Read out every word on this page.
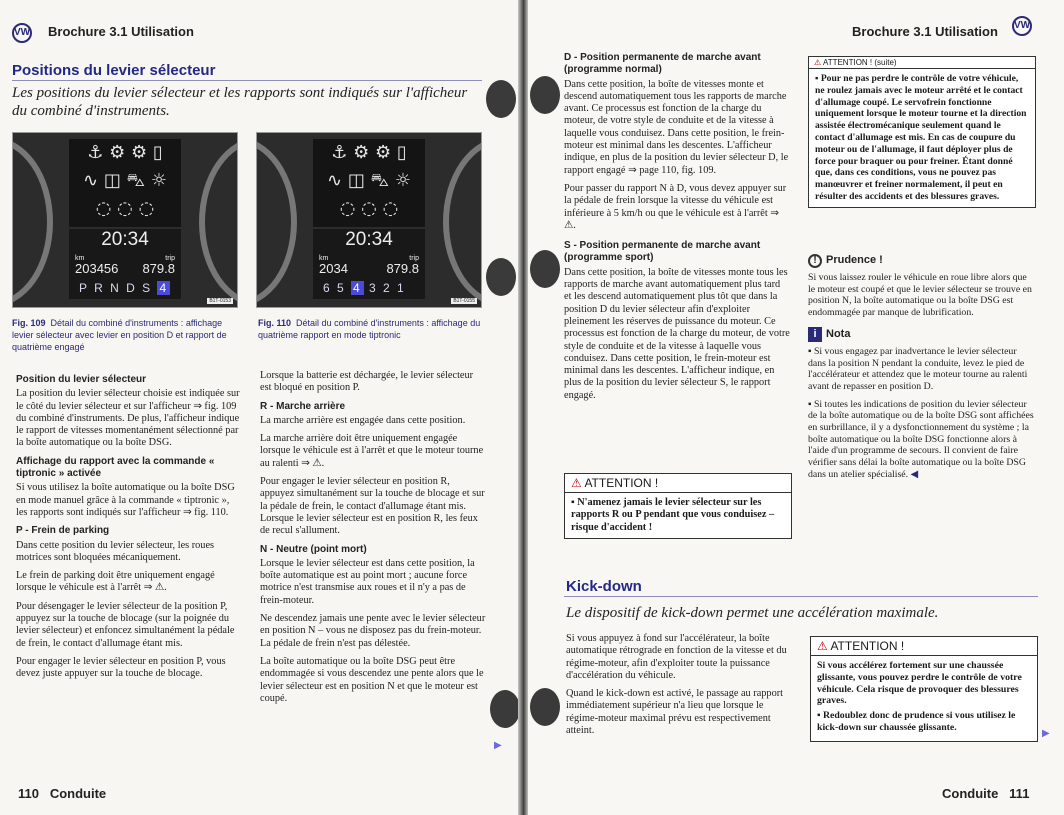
VW Brochure 3.1 Utilisation
Positions du levier sélecteur
Les positions du levier sélecteur et les rapports sont indiqués sur l'afficheur du combiné d'instruments.
⚓ ⚙ ⚙ ▯
∿ ◫ ⛍ ☼
◌ ◌ ◌
20:34
km	trip
203456 879.8
P R N D S 4
B1T-0153
Fig. 109 Détail du combiné d'instruments : affichage levier sélecteur avec levier en position D et rapport de quatrième engagé
⚓ ⚙ ⚙ ▯
∿ ◫ ⛍ ☼
◌ ◌ ◌
20:34
km	trip
2034	879.8
6 5 4 3 2 1
B1T-0155
Fig. 110 Détail du combiné d'instruments : affichage du quatrième rapport en mode tiptronic
Position du levier sélecteur

La position du levier sélecteur choisie est indiquée sur le côté du levier sélecteur et sur l'afficheur ⇒ fig. 109 du combiné d'instruments. De plus, l'afficheur indique le rapport de vitesses momentanément sélectionné par la boîte automatique ou la boîte DSG.

Affichage du rapport avec la commande « tiptronic » activée

Si vous utilisez la boîte automatique ou la boîte DSG en mode manuel grâce à la commande « tiptronic », les rapports sont indiqués sur l'afficheur ⇒ fig. 110.

P - Frein de parking

Dans cette position du levier sélecteur, les roues motrices sont bloquées mécaniquement.

Le frein de parking doit être uniquement engagé lorsque le véhicule est à l'arrêt ⇒ ⚠.

Pour désengager le levier sélecteur de la position P, appuyez sur la touche de blocage (sur la poignée du levier sélecteur) et enfoncez simultanément la pédale de frein, le contact d'allumage étant mis.

Pour engager le levier sélecteur en position P, vous devez juste appuyer sur la touche de blocage.

Lorsque la batterie est déchargée, le levier sélecteur est bloqué en position P.

R - Marche arrière

La marche arrière est engagée dans cette position.

La marche arrière doit être uniquement engagée lorsque le véhicule est à l'arrêt et que le moteur tourne au ralenti ⇒ ⚠.

Pour engager le levier sélecteur en position R, appuyez simultanément sur la touche de blocage et sur la pédale de frein, le contact d'allumage étant mis. Lorsque le levier sélecteur est en position R, les feux de recul s'allument.

N - Neutre (point mort)

Lorsque le levier sélecteur est dans cette position, la boîte automatique est au point mort ; aucune force motrice n'est transmise aux roues et il n'y a pas de frein-moteur.

Ne descendez jamais une pente avec le levier sélecteur en position N – vous ne disposez pas du frein-moteur. La pédale de frein n'est pas délestée.

La boîte automatique ou la boîte DSG peut être endommagée si vous descendez une pente alors que le levier sélecteur est en position N et que le moteur est coupé.

▶
110 Conduite
Brochure 3.1 Utilisation VW
D - Position permanente de marche avant (programme normal)

Dans cette position, la boîte de vitesses monte et descend automatiquement tous les rapports de marche avant. Ce processus est fonction de la charge du moteur, de votre style de conduite et de la vitesse à laquelle vous conduisez. Dans cette position, le frein-moteur est minimal dans les descentes. L'afficheur indique, en plus de la position du levier sélecteur D, le rapport engagé ⇒ page 110, fig. 109.

Pour passer du rapport N à D, vous devez appuyer sur la pédale de frein lorsque la vitesse du véhicule est inférieure à 5 km/h ou que le véhicule est à l'arrêt ⇒ ⚠.

S - Position permanente de marche avant (programme sport)

Dans cette position, la boîte de vitesses monte tous les rapports de marche avant automatiquement plus tard et les descend automatiquement plus tôt que dans la position D du levier sélecteur afin d'exploiter pleinement les réserves de puissance du moteur. Ce processus est fonction de la charge du moteur, de votre style de conduite et de la vitesse à laquelle vous conduisez. Dans cette position, le frein-moteur est minimal dans les descentes. L'afficheur indique, en plus de la position du levier sélecteur S, le rapport engagé.

⚠ ATTENTION !
▪ N'amenez jamais le levier sélecteur sur les rapports R ou P pendant que vous conduisez – risque d'accident !
⚠ ATTENTION ! (suite)
▪ Pour ne pas perdre le contrôle de votre véhicule, ne roulez jamais avec le moteur arrêté et le contact d'allumage coupé. Le servofrein fonctionne uniquement lorsque le moteur tourne et la direction assistée électromécanique seulement quand le contact d'allumage est mis. En cas de coupure du moteur ou de l'allumage, il faut déployer plus de force pour braquer ou pour freiner. Étant donné que, dans ces conditions, vous ne pouvez pas manœuvrer et freiner normalement, il peut en résulter des accidents et des blessures graves.
! Prudence !

Si vous laissez rouler le véhicule en roue libre alors que le moteur est coupé et que le levier sélecteur se trouve en position N, la boîte automatique ou la boîte DSG est endommagée par manque de lubrification.

i Nota

▪ Si vous engagez par inadvertance le levier sélecteur dans la position N pendant la conduite, levez le pied de l'accélérateur et attendez que le moteur tourne au ralenti avant de repasser en position D.

▪ Si toutes les indications de position du levier sélecteur de la boîte automatique ou de la boîte DSG sont affichées en surbrillance, il y a dysfonctionnement du système ; la boîte automatique ou la boîte DSG fonctionne alors à l'aide d'un programme de secours. Il convient de faire vérifier sans délai la boîte automatique ou la boîte DSG dans un atelier spécialisé. ◀

Kick-down
Le dispositif de kick-down permet une accélération maximale.

Si vous appuyez à fond sur l'accélérateur, la boîte automatique rétrograde en fonction de la vitesse et du régime-moteur, afin d'exploiter toute la puissance d'accélération du véhicule.

Quand le kick-down est activé, le passage au rapport immédiatement supérieur n'a lieu que lorsque le régime-moteur maximal prévu est respectivement atteint.

⚠ ATTENTION !

Si vous accélérez fortement sur une chaussée glissante, vous pouvez perdre le contrôle de votre véhicule. Cela risque de provoquer des blessures graves.

▪ Redoublez donc de prudence si vous utilisez le kick-down sur chaussée glissante.

▶
Conduite 111
